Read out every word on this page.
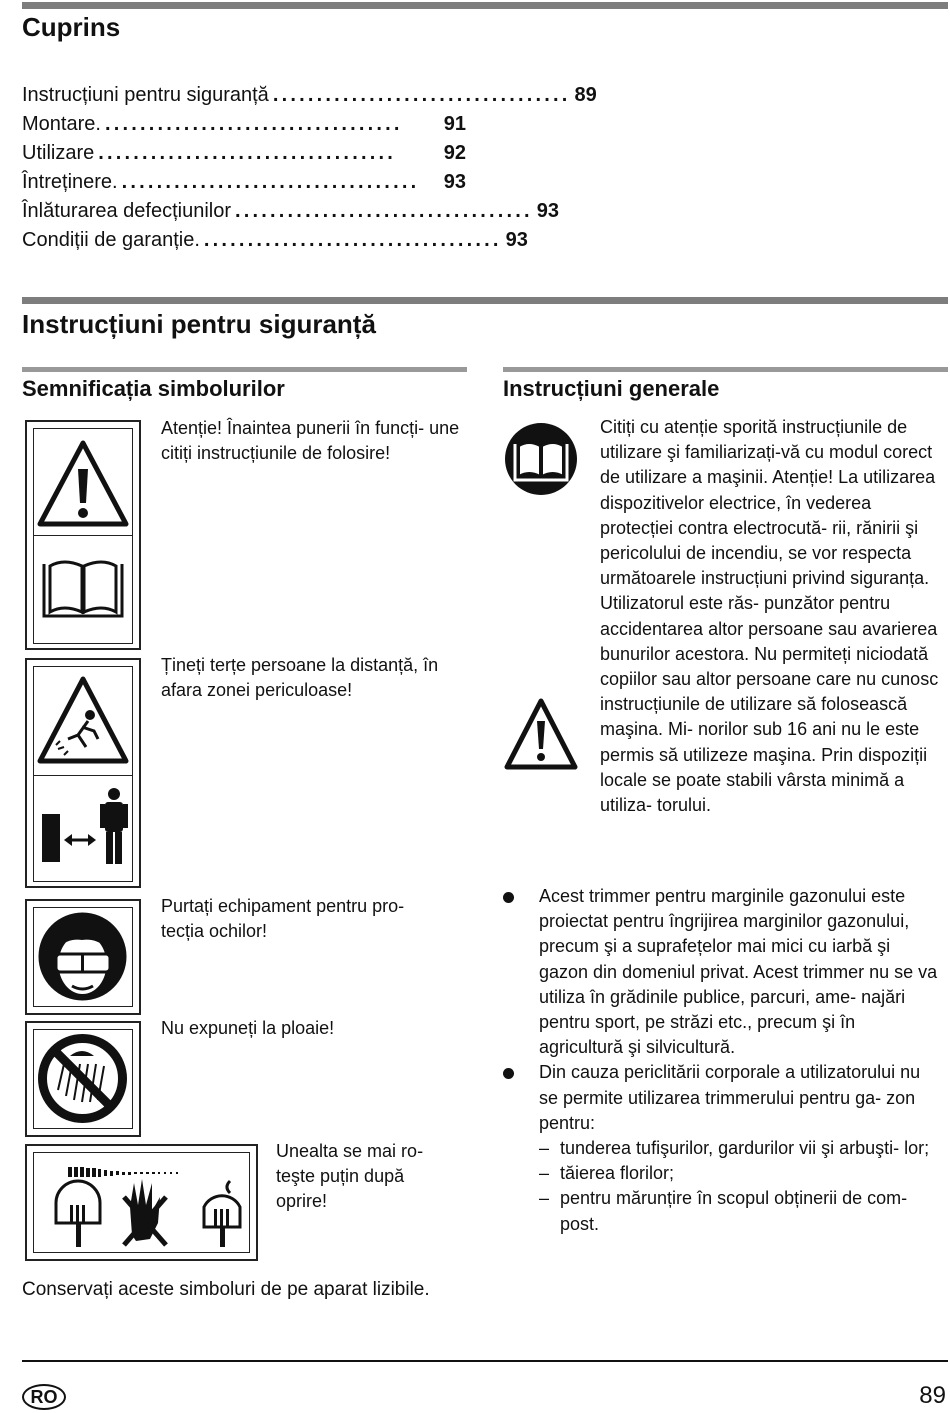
Cuprins
Instrucțiuni pentru siguranță .................................. 89
Montare. ..................................	91
Utilizare ..................................	92
Întreținere. ..................................	93
Înlăturarea defecțiunilor .................................. 93
Condiții de garanție. .................................. 93
Instrucțiuni pentru siguranță
Semnificația simbolurilor	Instrucțiuni generale
Atenție! Înaintea punerii în funcți- une citiți instrucțiunile de folosire!
Țineți terțe persoane la distanță, în afara zonei periculoase!
Purtați echipament pentru pro- tecția ochilor!
Nu expuneți la ploaie!
Unealta se mai ro- teşte puțin după oprire!
Conservați aceste simboluri de pe aparat lizibile.
Citiți cu atenție sporită instrucțiunile de utilizare şi familiarizați-vă cu modul corect de utilizare a maşinii. Atenție! La utilizarea dispozitivelor electrice, în vederea protecției contra electrocută- rii, rănirii şi pericolului de incendiu, se vor respecta următoarele instrucțiuni privind siguranța. Utilizatorul este răs- punzător pentru accidentarea altor persoane sau avarierea bunurilor acestora. Nu permiteți niciodată copiilor sau altor persoane care nu cunosc instrucțiunile de utilizare să folosească maşina. Mi- norilor sub 16 ani nu le este permis să utilizeze maşina. Prin dispoziții locale se poate stabili vârsta minimă a utiliza- torului.
Acest trimmer pentru marginile gazonului este proiectat pentru îngrijirea marginilor gazonului, precum şi a suprafețelor mai mici cu iarbă şi gazon din domeniul privat. Acest trimmer nu se va utiliza în grădinile publice, parcuri, ame- najări pentru sport, pe străzi etc., precum şi în agricultură şi silvicultură.
Din cauza periclitării corporale a utilizatorului nu se permite utilizarea trimmerului pentru ga- zon pentru:
– tunderea tufişurilor, gardurilor vii şi arbuşti- lor;
– tăierea florilor;
– pentru mărunțire în scopul obținerii de com- post.
RO	89
